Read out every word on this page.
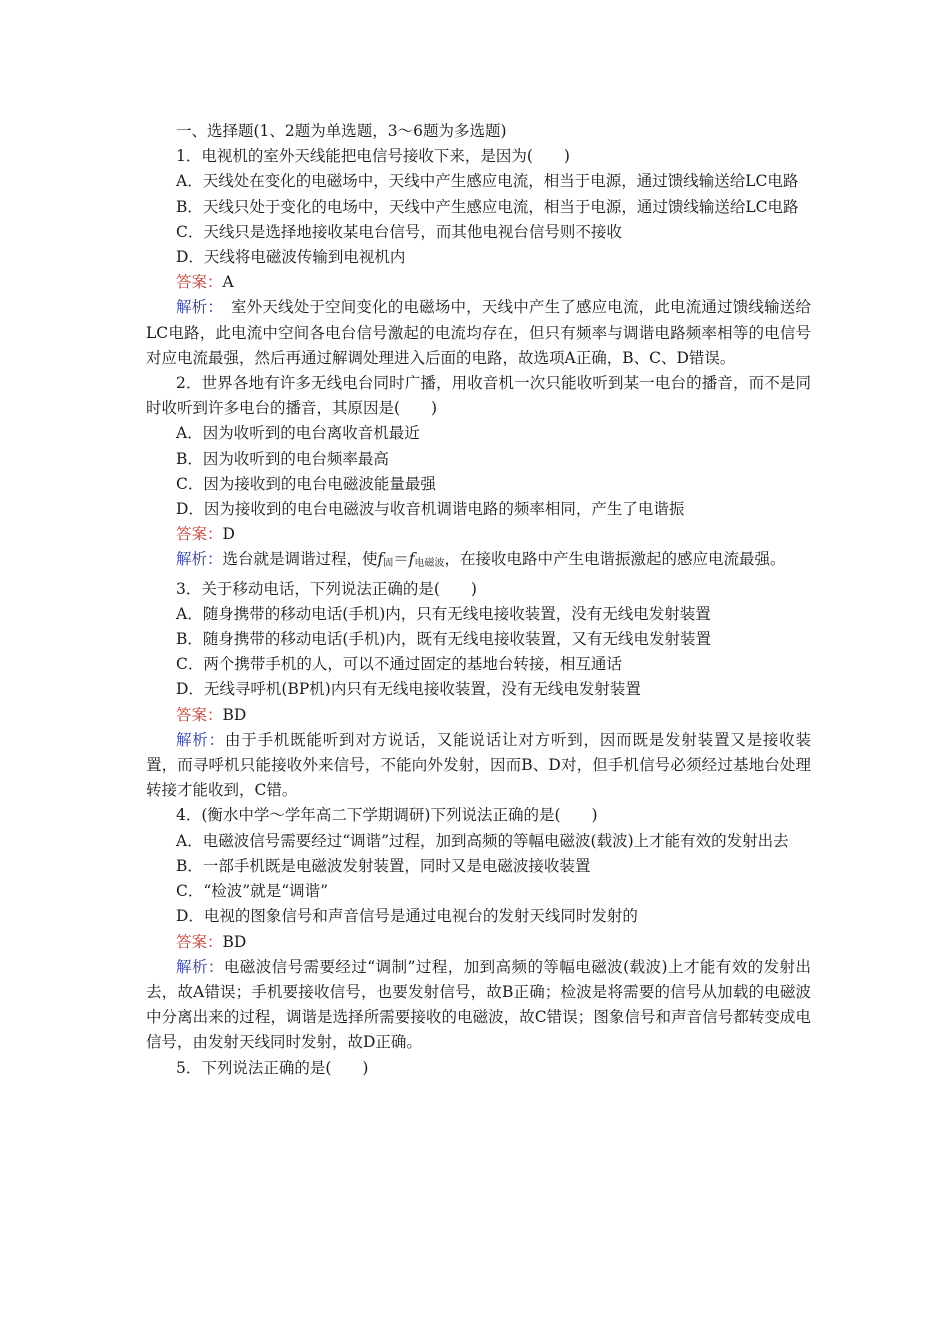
一、选择题(1、2题为单选题，3～6题为多选题)

1．电视机的室外天线能把电信号接收下来，是因为(　　)

A．天线处在变化的电磁场中，天线中产生感应电流，相当于电源，通过馈线输送给LC电路

B．天线只处于变化的电场中，天线中产生感应电流，相当于电源，通过馈线输送给LC电路

C．天线只是选择地接收某电台信号，而其他电视台信号则不接收

D．天线将电磁波传输到电视机内

答案：A

解析：　室外天线处于空间变化的电磁场中，天线中产生了感应电流，此电流通过馈线输送给LC电路，此电流中空间各电台信号激起的电流均存在，但只有频率与调谐电路频率相等的电信号对应电流最强，然后再通过解调处理进入后面的电路，故选项A正确，B、C、D错误。

2．世界各地有许多无线电台同时广播，用收音机一次只能收听到某一电台的播音，而不是同时收听到许多电台的播音，其原因是(　　)

A．因为收听到的电台离收音机最近

B．因为收听到的电台频率最高

C．因为接收到的电台电磁波能量最强

D．因为接收到的电台电磁波与收音机调谐电路的频率相同，产生了电谐振

答案：D

解析：选台就是调谐过程，使$f_固=f_{电磁波}$，在接收电路中产生电谐振激起的感应电流最强。

3．关于移动电话，下列说法正确的是(　　)

A．随身携带的移动电话(手机)内，只有无线电接收装置，没有无线电发射装置

B．随身携带的移动电话(手机)内，既有无线电接收装置，又有无线电发射装置

C．两个携带手机的人，可以不通过固定的基地台转接，相互通话

D．无线寻呼机(BP机)内只有无线电接收装置，没有无线电发射装置

答案：BD

解析：由于手机既能听到对方说话，又能说话让对方听到，因而既是发射装置又是接收装置，而寻呼机只能接收外来信号，不能向外发射，因而B、D对，但手机信号必须经过基地台处理转接才能收到，C错。

4．(衡水中学～学年高二下学期调研)下列说法正确的是(　　)

A．电磁波信号需要经过“调谐”过程，加到高频的等幅电磁波(载波)上才能有效的发射出去

B．一部手机既是电磁波发射装置，同时又是电磁波接收装置

C．“检波”就是“调谐”

D．电视的图象信号和声音信号是通过电视台的发射天线同时发射的

答案：BD

解析：电磁波信号需要经过“调制”过程，加到高频的等幅电磁波(载波)上才能有效的发射出去，故A错误；手机要接收信号，也要发射信号，故B正确；检波是将需要的信号从加载的电磁波中分离出来的过程，调谐是选择所需要接收的电磁波，故C错误；图象信号和声音信号都转变成电信号，由发射天线同时发射，故D正确。

5．下列说法正确的是(　　)
